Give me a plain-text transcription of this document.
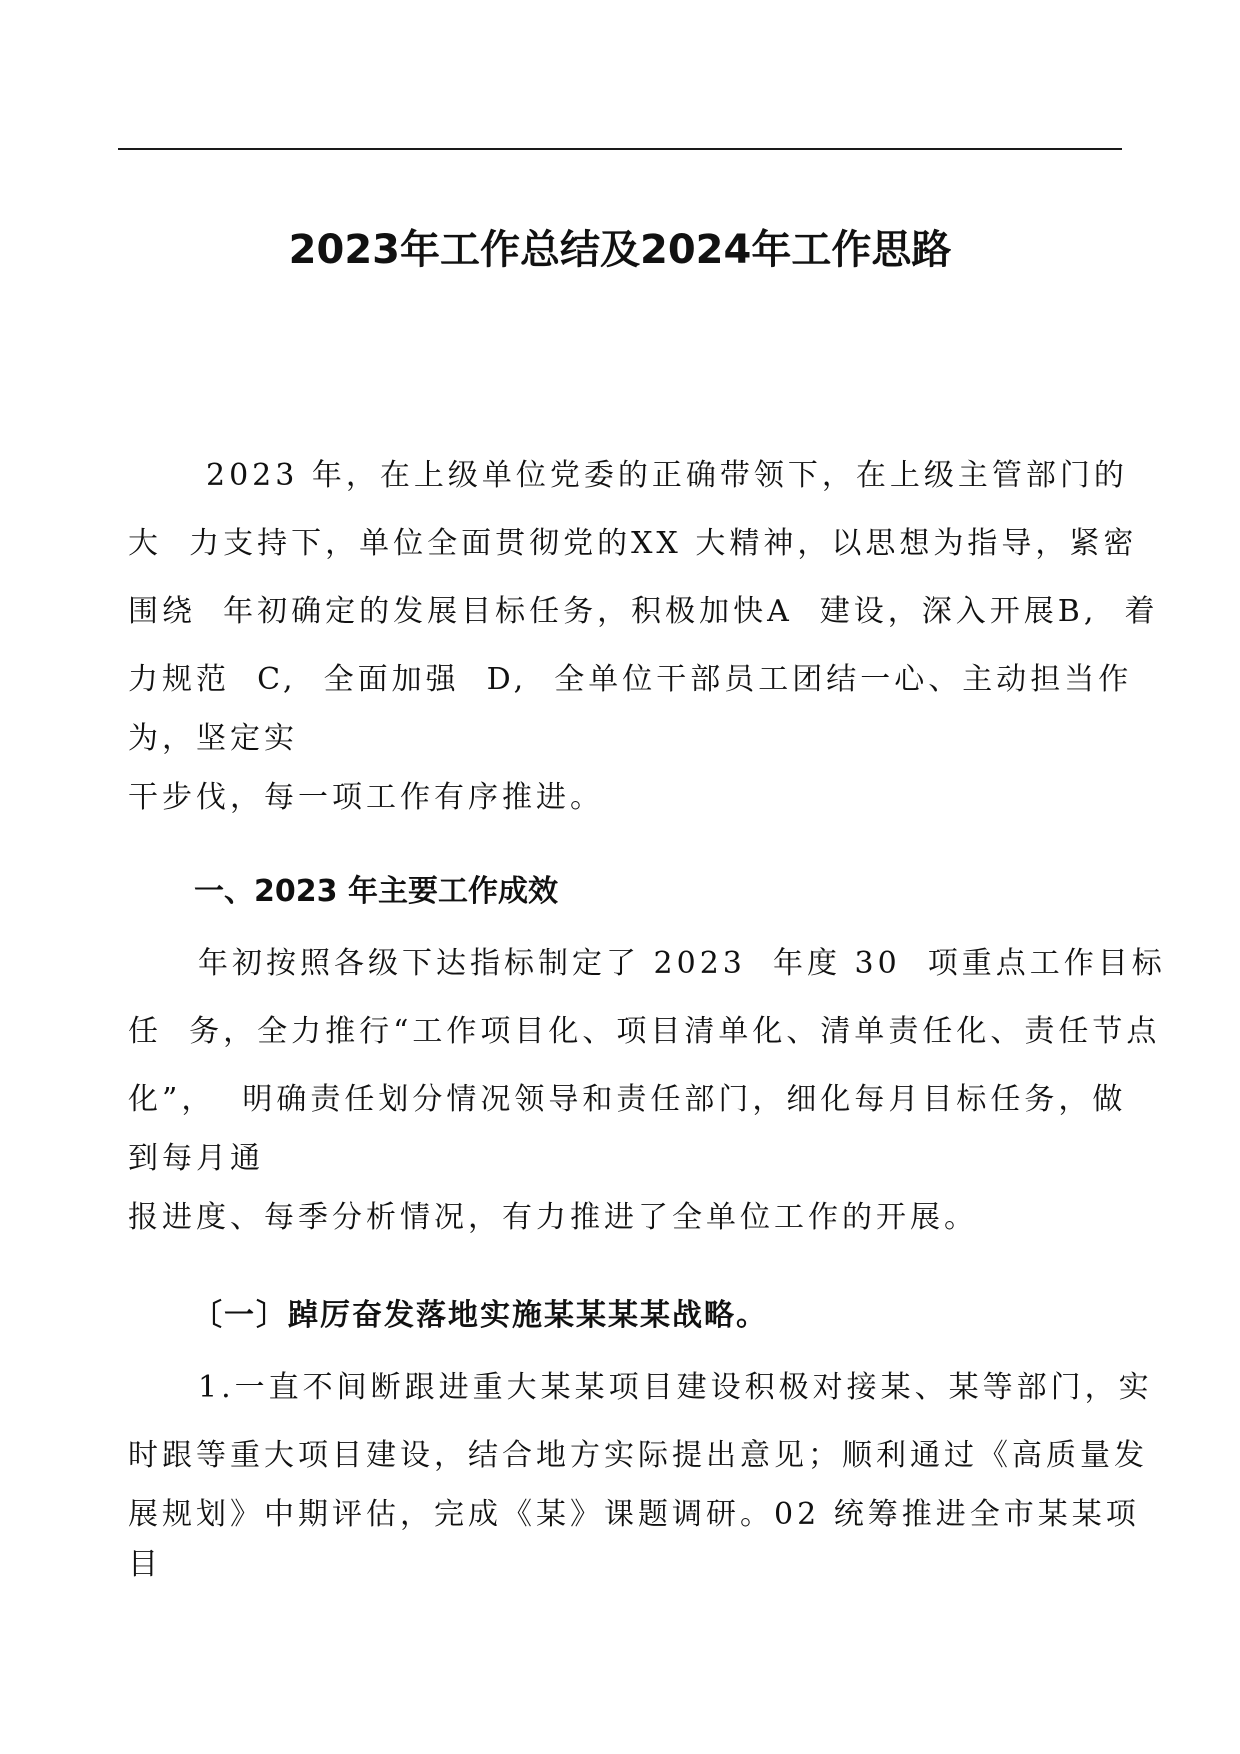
2023年工作总结及2024年工作思路
2023 年，在上级单位党委的正确带领下，在上级主管部门的
大  力支持下，单位全面贯彻党的XX 大精神，以思想为指导，紧密
围绕  年初确定的发展目标任务，积极加快A  建设，深入开展B,  着
力规范  C,  全面加强  D,  全单位干部员工团结一心、主动担当作
为，坚定实
干步伐，每一项工作有序推进。
一、2023 年主要工作成效
年初按照各级下达指标制定了 2023  年度 30  项重点工作目标
任  务，全力推行“工作项目化、项目清单化、清单责任化、责任节点
化”，  明确责任划分情况领导和责任部门，细化每月目标任务，做
到每月通
报进度、每季分析情况，有力推进了全单位工作的开展。
〔一〕踔厉奋发落地实施某某某某战略。
1.一直不间断跟进重大某某项目建设积极对接某、某等部门，实
时跟等重大项目建设，结合地方实际提出意见；顺利通过《高质量发
展规划》中期评估，完成《某》课题调研。02 统筹推进全市某某项
目
